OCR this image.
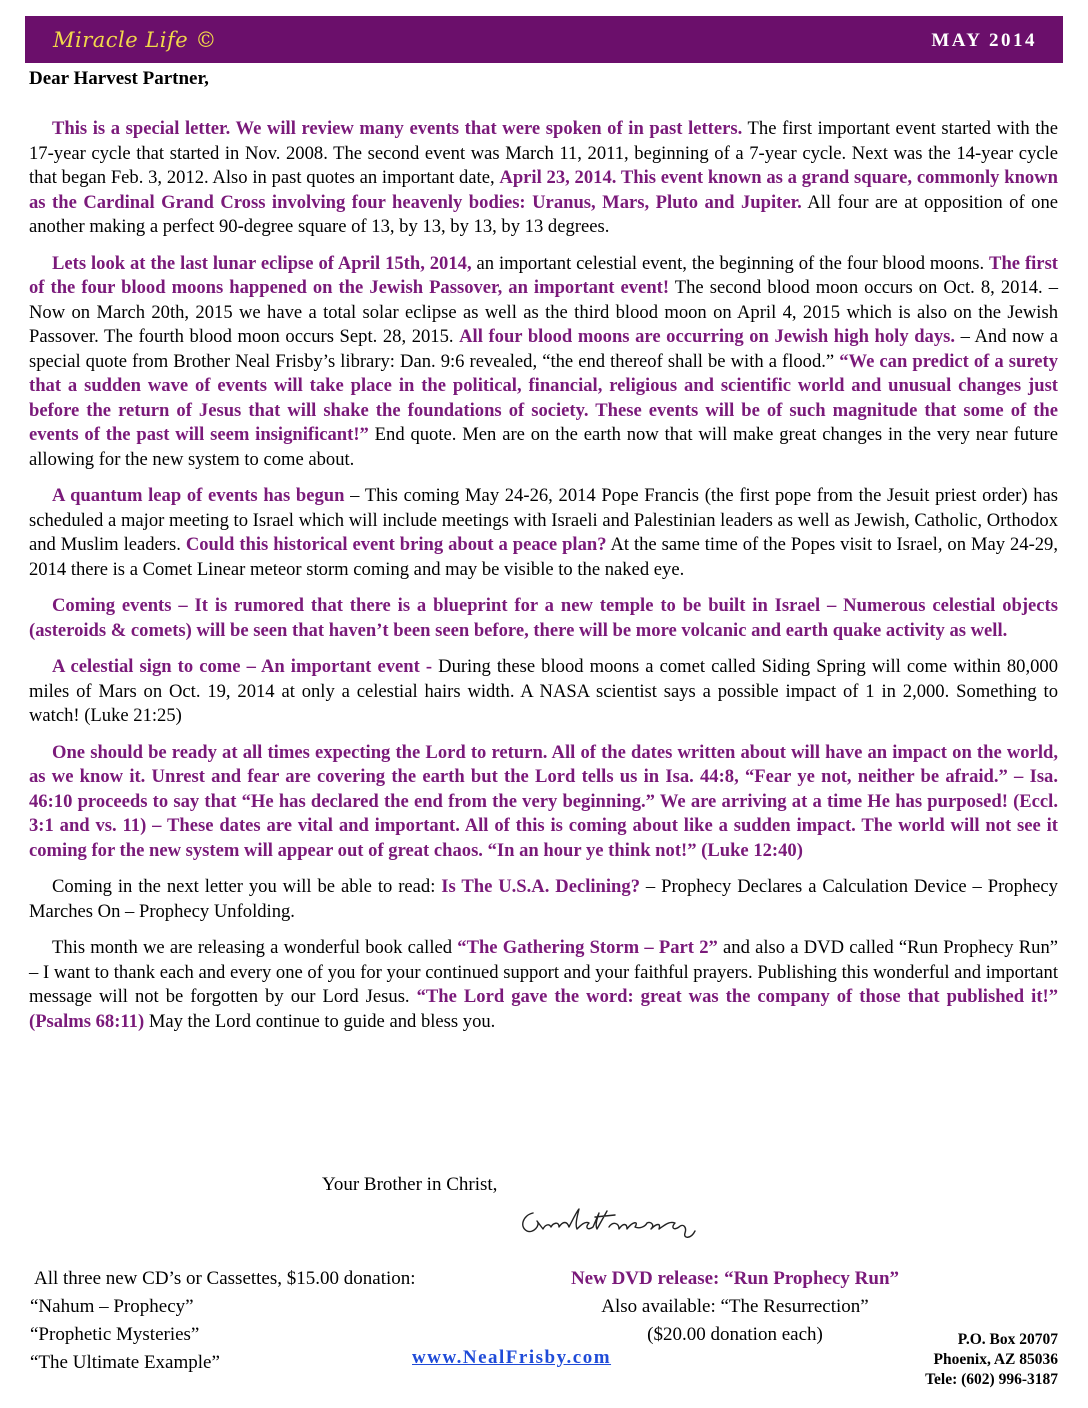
Miracle Life ©	MAY 2014
Dear Harvest Partner,

This is a special letter. We will review many events that were spoken of in past letters. The first important event started with the 17-year cycle that started in Nov. 2008. The second event was March 11, 2011, beginning of a 7-year cycle. Next was the 14-year cycle that began Feb. 3, 2012. Also in past quotes an important date, April 23, 2014. This event known as a grand square, commonly known as the Cardinal Grand Cross involving four heavenly bodies: Uranus, Mars, Pluto and Jupiter. All four are at opposition of one another making a perfect 90-degree square of 13, by 13, by 13, by 13 degrees.

Lets look at the last lunar eclipse of April 15th, 2014, an important celestial event, the beginning of the four blood moons. The first of the four blood moons happened on the Jewish Passover, an important event! The second blood moon occurs on Oct. 8, 2014. – Now on March 20th, 2015 we have a total solar eclipse as well as the third blood moon on April 4, 2015 which is also on the Jewish Passover. The fourth blood moon occurs Sept. 28, 2015. All four blood moons are occurring on Jewish high holy days. – And now a special quote from Brother Neal Frisby’s library: Dan. 9:6 revealed, “the end thereof shall be with a flood.” “We can predict of a surety that a sudden wave of events will take place in the political, financial, religious and scientific world and unusual changes just before the return of Jesus that will shake the foundations of society. These events will be of such magnitude that some of the events of the past will seem insignificant!” End quote. Men are on the earth now that will make great changes in the very near future allowing for the new system to come about.

A quantum leap of events has begun – This coming May 24-26, 2014 Pope Francis (the first pope from the Jesuit priest order) has scheduled a major meeting to Israel which will include meetings with Israeli and Palestinian leaders as well as Jewish, Catholic, Orthodox and Muslim leaders. Could this historical event bring about a peace plan? At the same time of the Popes visit to Israel, on May 24-29, 2014 there is a Comet Linear meteor storm coming and may be visible to the naked eye.

Coming events – It is rumored that there is a blueprint for a new temple to be built in Israel – Numerous celestial objects (asteroids & comets) will be seen that haven’t been seen before, there will be more volcanic and earth quake activity as well.

A celestial sign to come – An important event - During these blood moons a comet called Siding Spring will come within 80,000 miles of Mars on Oct. 19, 2014 at only a celestial hairs width. A NASA scientist says a possible impact of 1 in 2,000. Something to watch! (Luke 21:25)

One should be ready at all times expecting the Lord to return. All of the dates written about will have an impact on the world, as we know it. Unrest and fear are covering the earth but the Lord tells us in Isa. 44:8, “Fear ye not, neither be afraid.” – Isa. 46:10 proceeds to say that “He has declared the end from the very beginning.” We are arriving at a time He has purposed! (Eccl. 3:1 and vs. 11) – These dates are vital and important. All of this is coming about like a sudden impact. The world will not see it coming for the new system will appear out of great chaos. “In an hour ye think not!” (Luke 12:40)

Coming in the next letter you will be able to read: Is The U.S.A. Declining? – Prophecy Declares a Calculation Device – Prophecy Marches On – Prophecy Unfolding.

This month we are releasing a wonderful book called “The Gathering Storm – Part 2” and also a DVD called “Run Prophecy Run” – I want to thank each and every one of you for your continued support and your faithful prayers. Publishing this wonderful and important message will not be forgotten by our Lord Jesus. “The Lord gave the word: great was the company of those that published it!” (Psalms 68:11) May the Lord continue to guide and bless you.

Your Brother in Christ,
All three new CD’s or Cassettes, $15.00 donation:
“Nahum – Prophecy”
“Prophetic Mysteries”
“The Ultimate Example”
New DVD release: “Run Prophecy Run”
Also available: “The Resurrection”
($20.00 donation each)
www.NealFrisby.com
P.O. Box 20707
Phoenix, AZ 85036
Tele: (602) 996-3187
